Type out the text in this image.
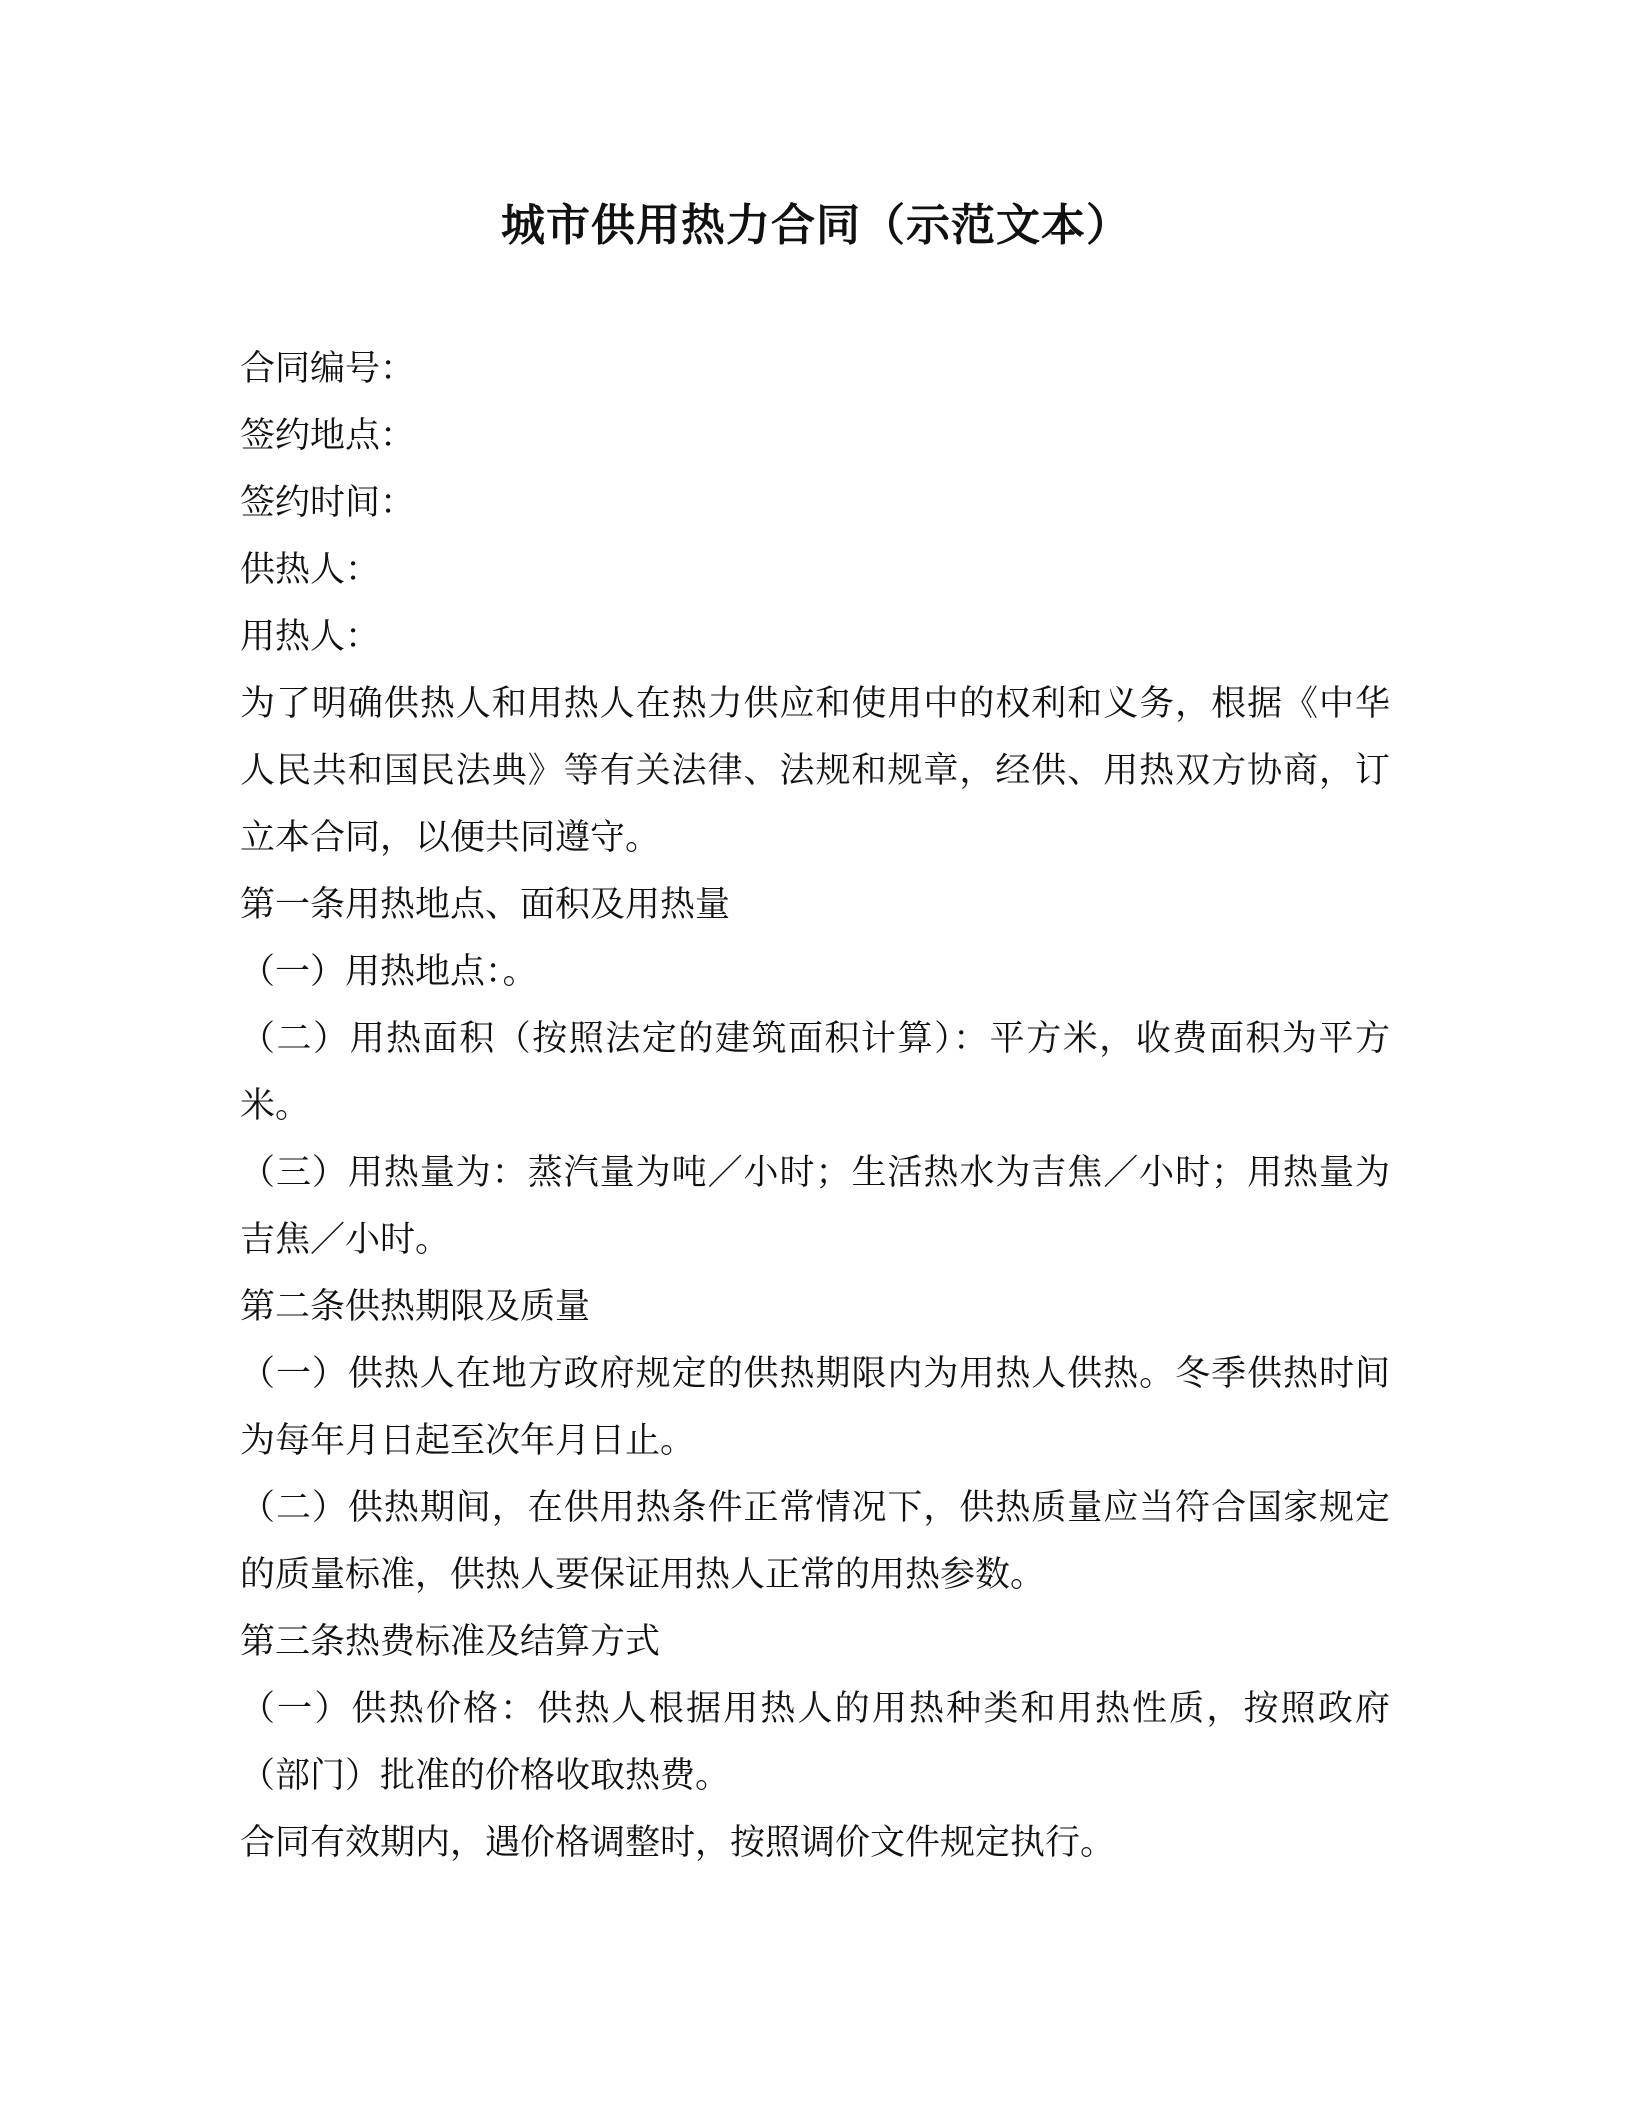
城市供用热力合同（示范文本）

合同编号：

签约地点：

签约时间：

供热人：

用热人：

为了明确供热人和用热人在热力供应和使用中的权利和义务，根据《中华人民共和国民法典》等有关法律、法规和规章，经供、用热双方协商，订立本合同，以便共同遵守。

第一条用热地点、面积及用热量

（一）用热地点：。

（二）用热面积（按照法定的建筑面积计算）：平方米，收费面积为平方米。

（三）用热量为：蒸汽量为吨／小时；生活热水为吉焦／小时；用热量为吉焦／小时。

第二条供热期限及质量

（一）供热人在地方政府规定的供热期限内为用热人供热。冬季供热时间为每年月日起至次年月日止。

（二）供热期间，在供用热条件正常情况下，供热质量应当符合国家规定的质量标准，供热人要保证用热人正常的用热参数。

第三条热费标准及结算方式

（一）供热价格：供热人根据用热人的用热种类和用热性质，按照政府（部门）批准的价格收取热费。

合同有效期内，遇价格调整时，按照调价文件规定执行。
